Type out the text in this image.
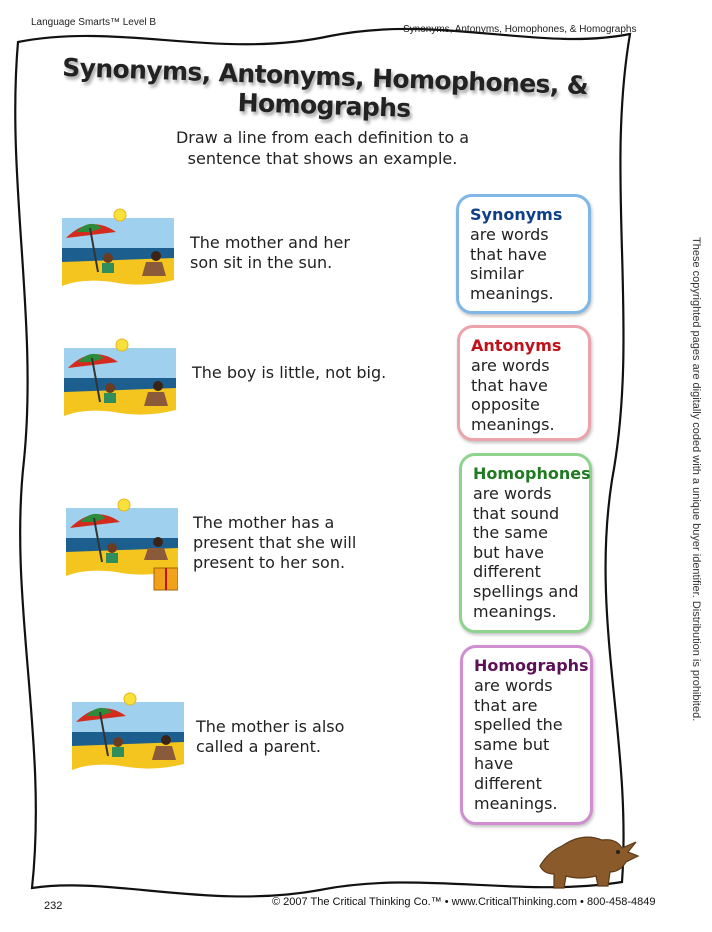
Language Smarts™ Level B
Synonyms, Antonyms, Homophones, & Homographs
Synonyms, Antonyms, Homophones, & Homographs
Draw a line from each definition to a sentence that shows an example.
The mother and her son sit in the sun.
The boy is little, not big.
The mother has a present that she will present to her son.
The mother is also called a parent.
Synonyms
are words that have similar meanings.
Antonyms
are words that have opposite meanings.
Homophones
are words that sound the same but have different spellings and meanings.
Homographs
are words that are spelled the same but have different meanings.
These copyrighted pages are digitally coded with a unique buyer identifier. Distribution is prohibited.
232	© 2007 The Critical Thinking Co.™ • www.CriticalThinking.com • 800-458-4849
